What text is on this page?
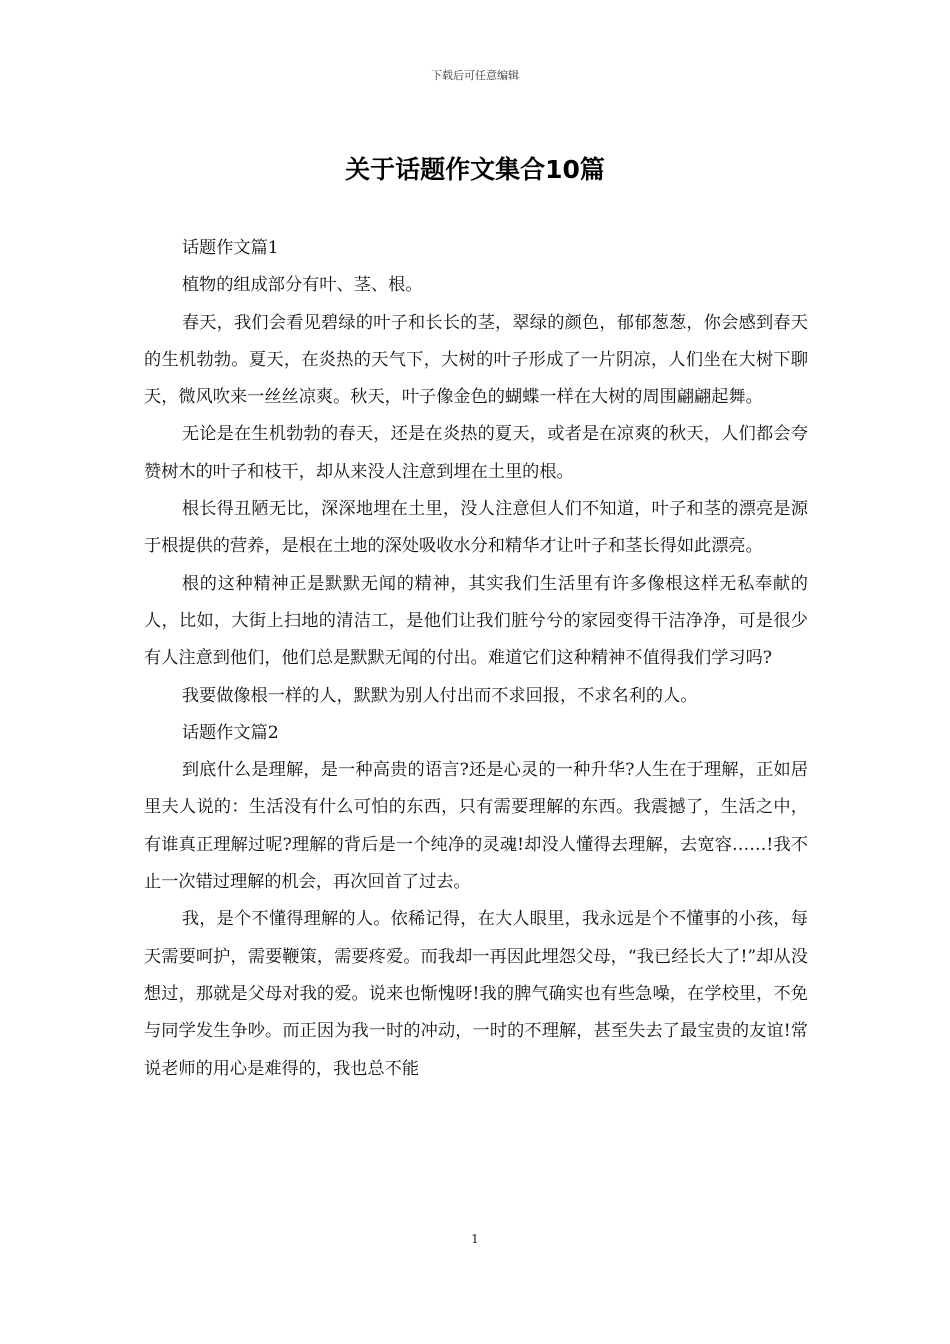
下载后可任意编辑
关于话题作文集合10篇

话题作文篇1

植物的组成部分有叶、茎、根。

春天，我们会看见碧绿的叶子和长长的茎，翠绿的颜色，郁郁葱葱，你会感到春天的生机勃勃。夏天，在炎热的天气下，大树的叶子形成了一片阴凉，人们坐在大树下聊天，微风吹来一丝丝凉爽。秋天，叶子像金色的蝴蝶一样在大树的周围翩翩起舞。

无论是在生机勃勃的春天，还是在炎热的夏天，或者是在凉爽的秋天，人们都会夸赞树木的叶子和枝干，却从来没人注意到埋在土里的根。

根长得丑陋无比，深深地埋在土里，没人注意但人们不知道，叶子和茎的漂亮是源于根提供的营养，是根在土地的深处吸收水分和精华才让叶子和茎长得如此漂亮。

根的这种精神正是默默无闻的精神，其实我们生活里有许多像根这样无私奉献的人，比如，大街上扫地的清洁工，是他们让我们脏兮兮的家园变得干洁净净，可是很少有人注意到他们，他们总是默默无闻的付出。难道它们这种精神不值得我们学习吗?

我要做像根一样的人，默默为别人付出而不求回报，不求名利的人。

话题作文篇2

到底什么是理解，是一种高贵的语言?还是心灵的一种升华?人生在于理解，正如居里夫人说的：生活没有什么可怕的东西，只有需要理解的东西。我震撼了，生活之中，有谁真正理解过呢?理解的背后是一个纯净的灵魂!却没人懂得去理解，去宽容……!我不止一次错过理解的机会，再次回首了过去。

我，是个不懂得理解的人。依稀记得，在大人眼里，我永远是个不懂事的小孩，每天需要呵护，需要鞭策，需要疼爱。而我却一再因此埋怨父母，“我已经长大了!”却从没想过，那就是父母对我的爱。说来也惭愧呀!我的脾气确实也有些急噪，在学校里，不免与同学发生争吵。而正因为我一时的冲动，一时的不理解，甚至失去了最宝贵的友谊!常说老师的用心是难得的，我也总不能

1
